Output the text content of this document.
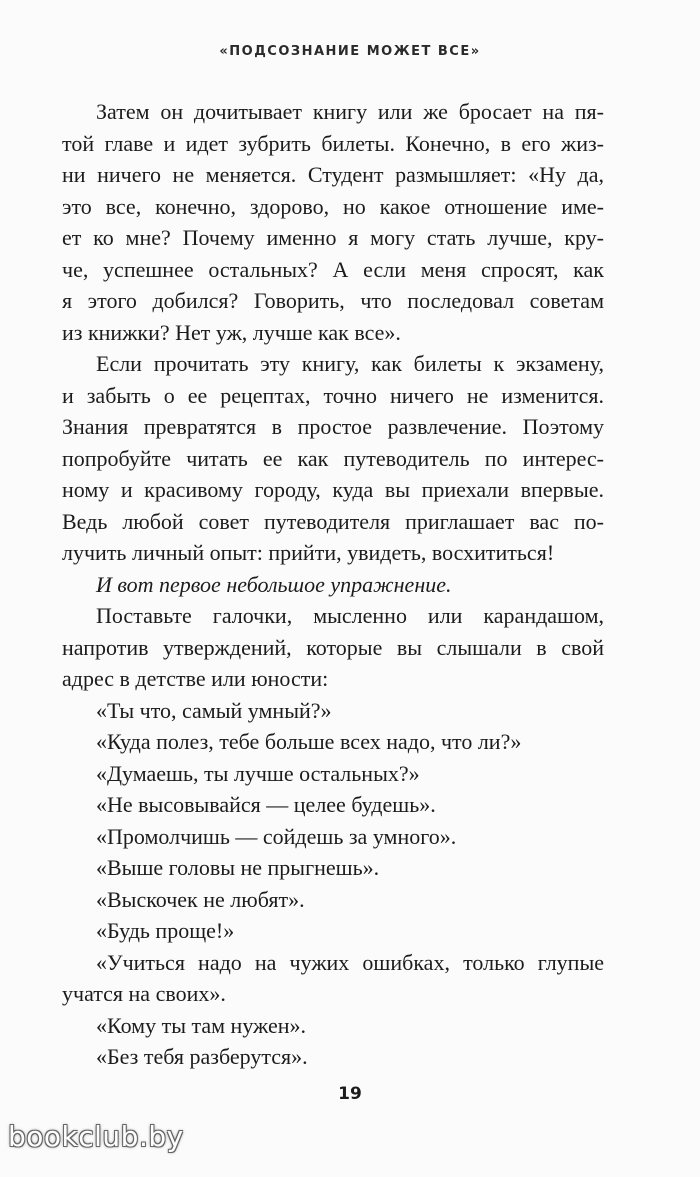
«ПОДСОЗНАНИЕ МОЖЕТ ВСЕ»

Затем он дочитывает книгу или же бросает на пя-
той главе и идет зубрить билеты. Конечно, в его жиз-
ни ничего не меняется. Студент размышляет: «Ну да,
это все, конечно, здорово, но какое отношение име-
ет ко мне? Почему именно я могу стать лучше, кру-
че, успешнее остальных? А если меня спросят, как
я этого добился? Говорить, что последовал советам
из книжки? Нет уж, лучше как все».

Если прочитать эту книгу, как билеты к экзамену,
и забыть о ее рецептах, точно ничего не изменится.
Знания превратятся в простое развлечение. Поэтому
попробуйте читать ее как путеводитель по интерес-
ному и красивому городу, куда вы приехали впервые.
Ведь любой совет путеводителя приглашает вас по-
лучить личный опыт: прийти, увидеть, восхититься!

И вот первое небольшое упражнение.

Поставьте галочки, мысленно или карандашом,
напротив утверждений, которые вы слышали в свой
адрес в детстве или юности:

«Ты что, самый умный?»
«Куда полез, тебе больше всех надо, что ли?»
«Думаешь, ты лучше остальных?»
«Не высовывайся — целее будешь».
«Промолчишь — сойдешь за умного».
«Выше головы не прыгнешь».
«Выскочек не любят».
«Будь проще!»
«Учиться надо на чужих ошибках, только глупые
учатся на своих».
«Кому ты там нужен».
«Без тебя разберутся».
19
bookclub.by
